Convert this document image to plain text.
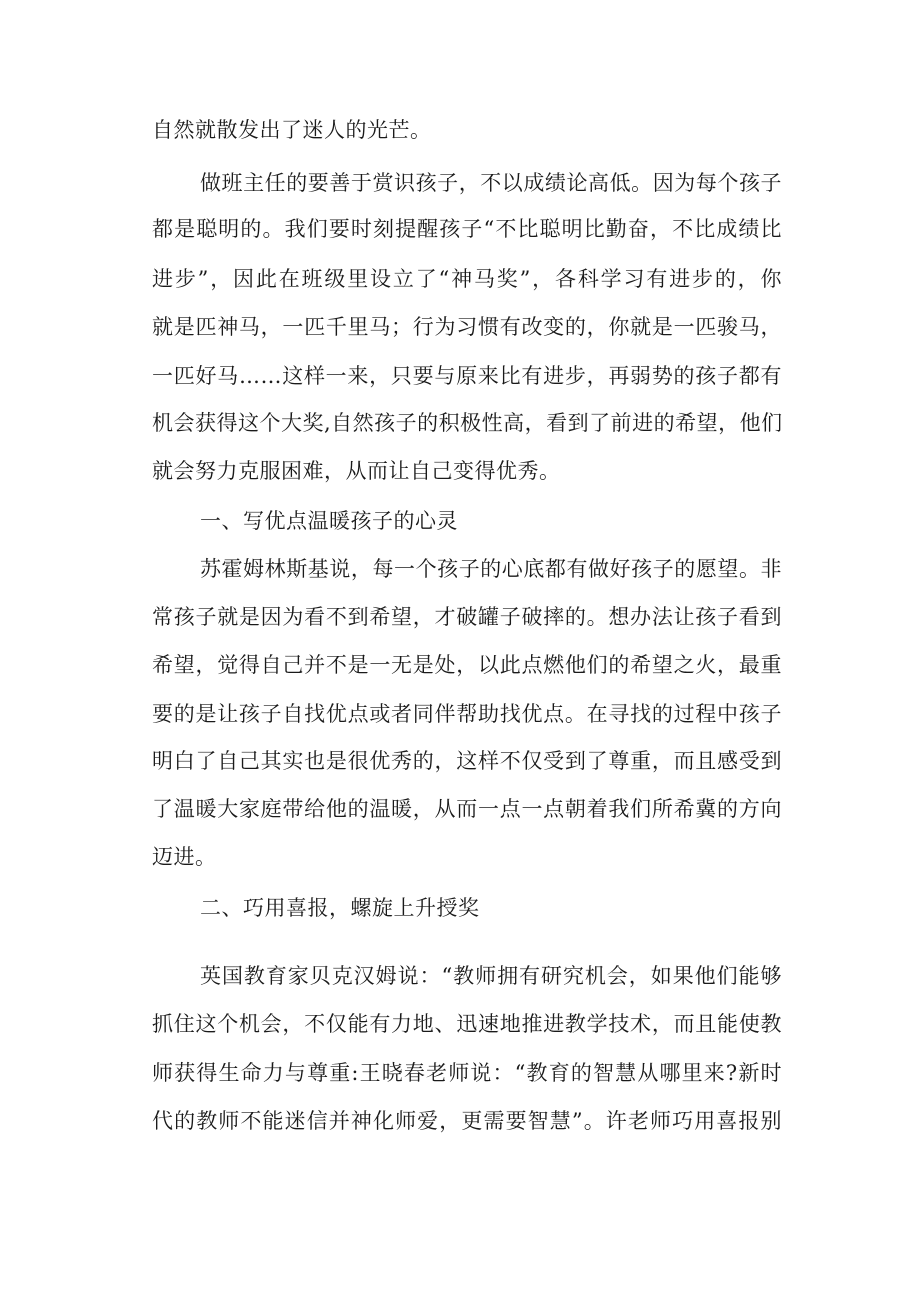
自然就散发出了迷人的光芒。
做班主任的要善于赏识孩子，不以成绩论高低。因为每个孩子
都是聪明的。我们要时刻提醒孩子“不比聪明比勤奋，不比成绩比
进步”，因此在班级里设立了“神马奖”，各科学习有进步的，你
就是匹神马，一匹千里马；行为习惯有改变的，你就是一匹骏马，
一匹好马……这样一来，只要与原来比有进步，再弱势的孩子都有
机会获得这个大奖,自然孩子的积极性高，看到了前进的希望，他们
就会努力克服困难，从而让自己变得优秀。
一、写优点温暖孩子的心灵
苏霍姆林斯基说，每一个孩子的心底都有做好孩子的愿望。非
常孩子就是因为看不到希望，才破罐子破摔的。想办法让孩子看到
希望，觉得自己并不是一无是处，以此点燃他们的希望之火，最重
要的是让孩子自找优点或者同伴帮助找优点。在寻找的过程中孩子
明白了自己其实也是很优秀的，这样不仅受到了尊重，而且感受到
了温暖大家庭带给他的温暖，从而一点一点朝着我们所希冀的方向
迈进。
二、巧用喜报，螺旋上升授奖
英国教育家贝克汉姆说：“教师拥有研究机会，如果他们能够
抓住这个机会，不仅能有力地、迅速地推进教学技术，而且能使教
师获得生命力与尊重:王晓春老师说：“教育的智慧从哪里来?新时
代的教师不能迷信并神化师爱，更需要智慧”。许老师巧用喜报别
